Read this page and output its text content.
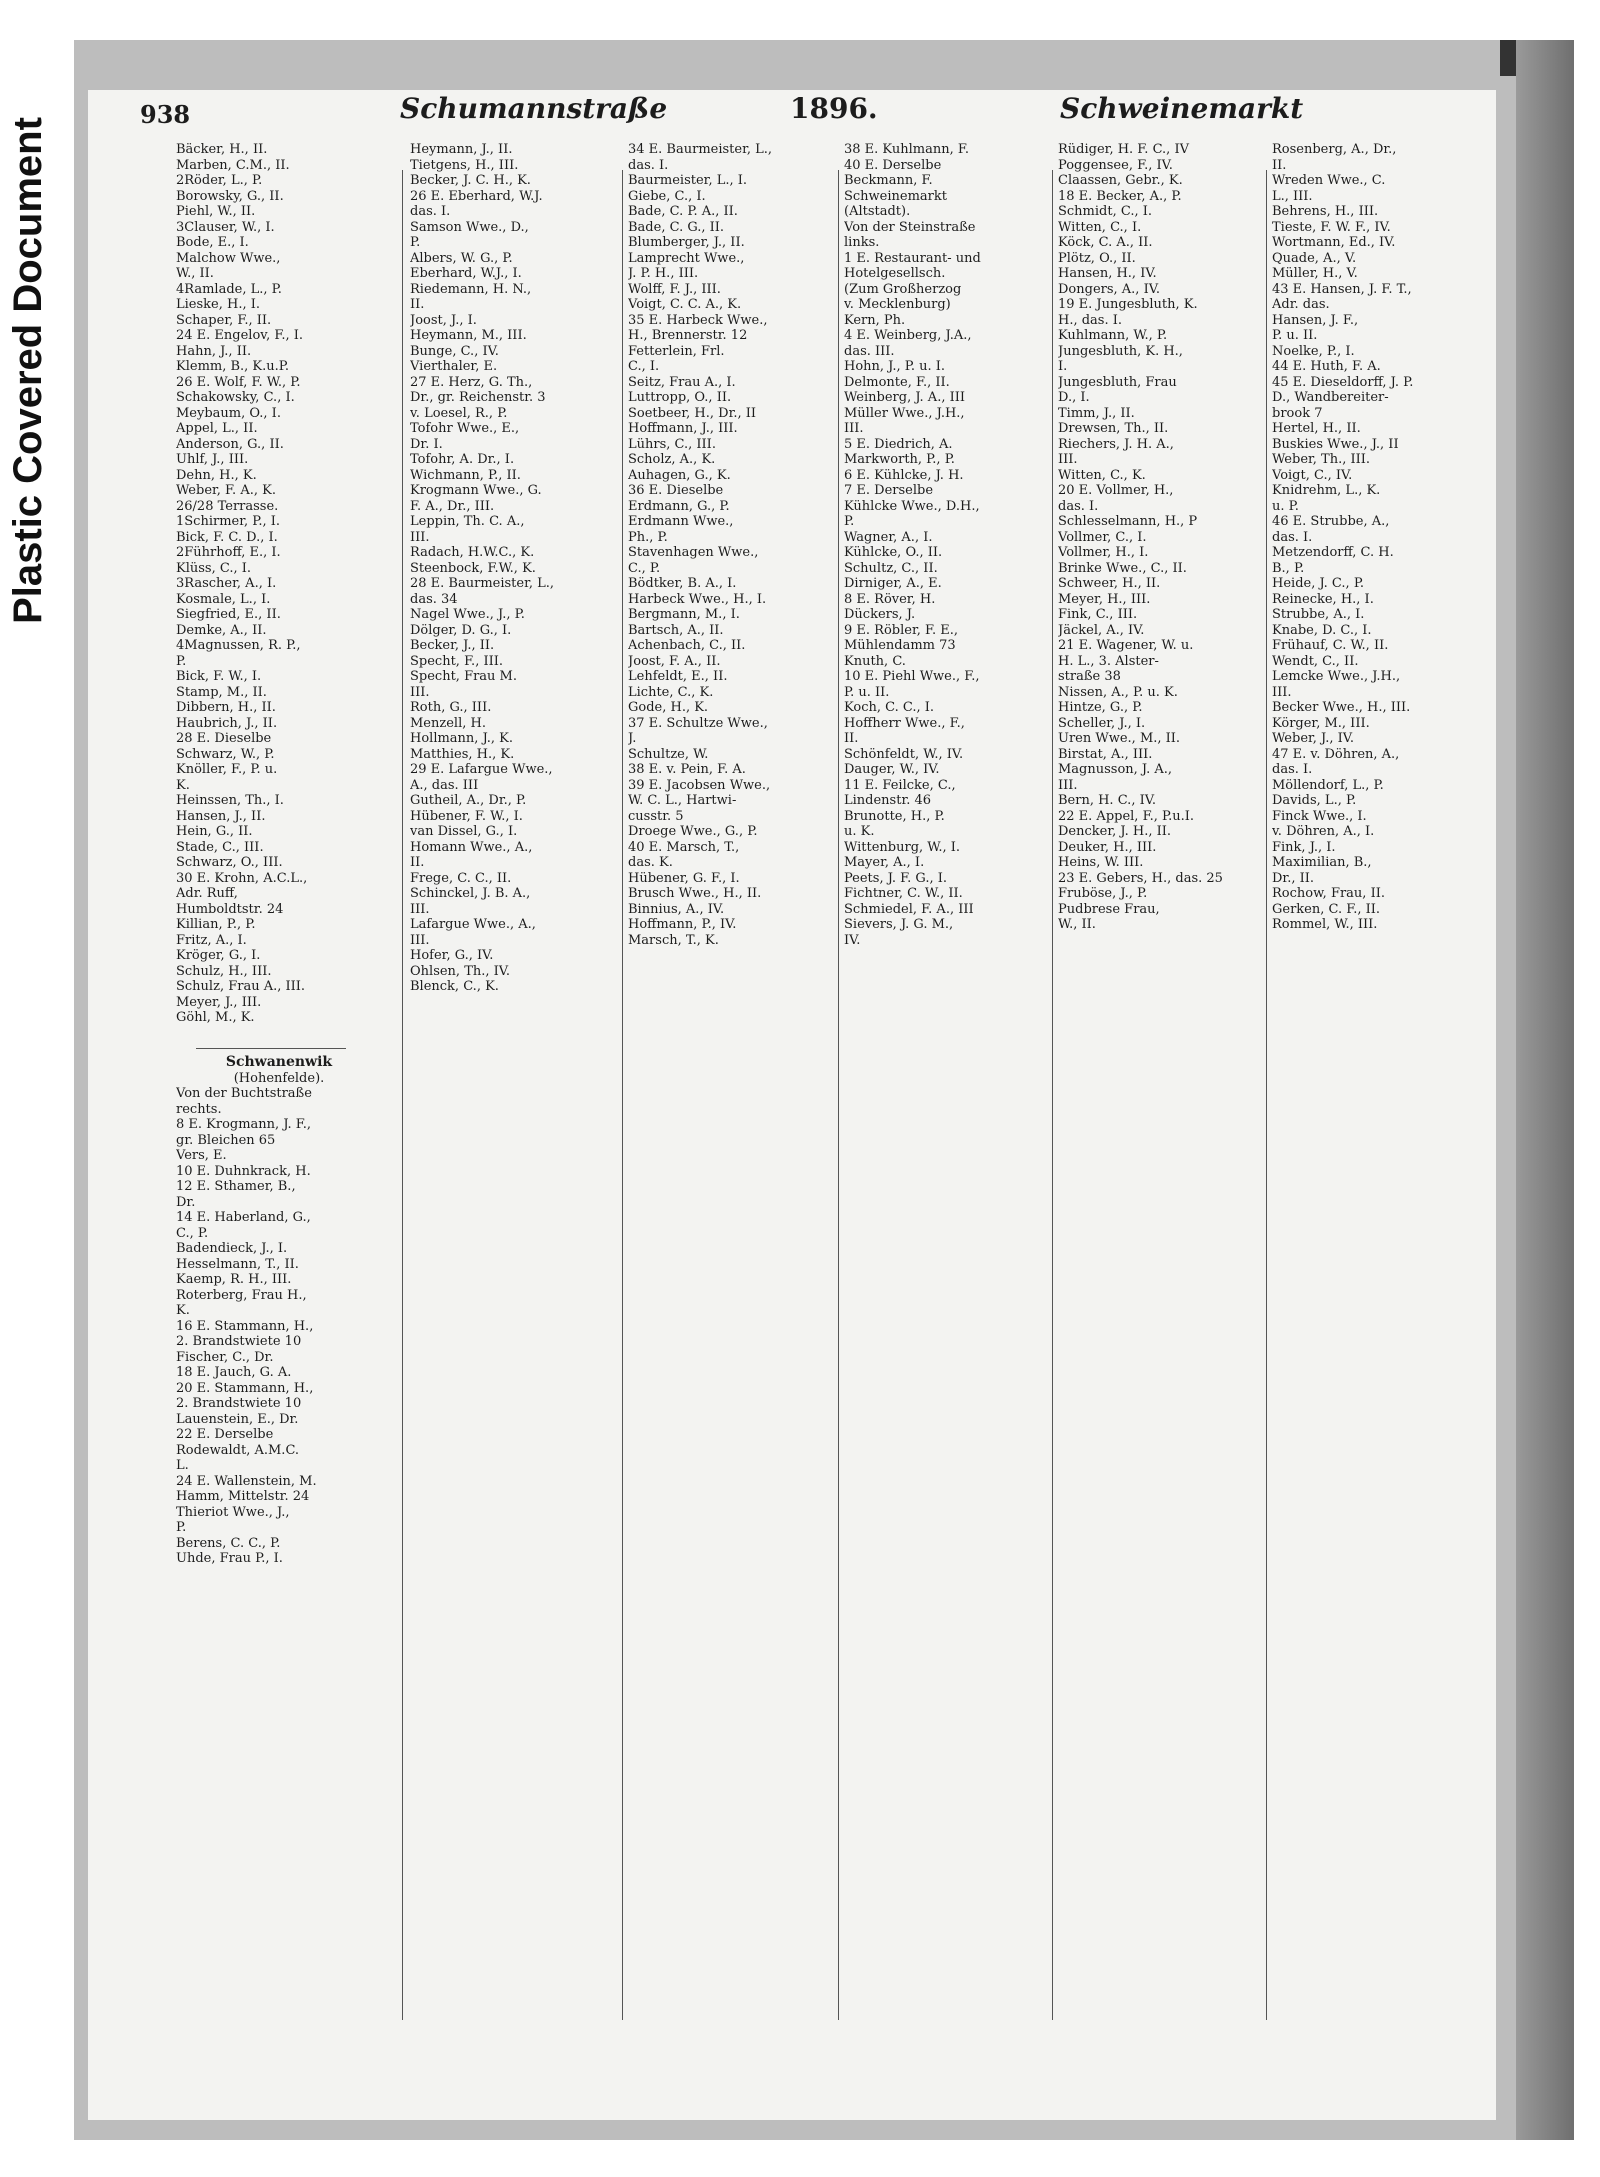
Plastic Covered Document
938	Schumannstraße	1896.	Schweinemarkt
Bäcker, H., II.
Marben, C.M., II.
2Röder, L., P.
Borowsky, G., II.
Piehl, W., II.
3Clauser, W., I.
Bode, E., I.
Malchow Wwe.,
W., II.
4Ramlade, L., P.
Lieske, H., I.
Schaper, F., II.
24 E. Engelov, F., I.
Hahn, J., II.
Klemm, B., K.u.P.
26 E. Wolf, F. W., P.
Schakowsky, C., I.
Meybaum, O., I.
Appel, L., II.
Anderson, G., II.
Uhlf, J., III.
Dehn, H., K.
Weber, F. A., K.
26/28 Terrasse.
1Schirmer, P., I.
Bick, F. C. D., I.
2Führhoff, E., I.
Klüss, C., I.
3Rascher, A., I.
Kosmale, L., I.
Siegfried, E., II.
Demke, A., II.
4Magnussen, R. P.,
P.
Bick, F. W., I.
Stamp, M., II.
Dibbern, H., II.
Haubrich, J., II.
28 E. Dieselbe
Schwarz, W., P.
Knöller, F., P. u.
K.
Heinssen, Th., I.
Hansen, J., II.
Hein, G., II.
Stade, C., III.
Schwarz, O., III.
30 E. Krohn, A.C.L.,
Adr. Ruff,
Humboldtstr. 24
Killian, P., P.
Fritz, A., I.
Kröger, G., I.
Schulz, H., III.
Schulz, Frau A., III.
Meyer, J., III.
Göhl, M., K.
Heymann, J., II.
Tietgens, H., III.
Becker, J. C. H., K.
26 E. Eberhard, W.J.
das. I.
Samson Wwe., D.,
P.
Albers, W. G., P.
Eberhard, W.J., I.
Riedemann, H. N.,
II.
Joost, J., I.
Heymann, M., III.
Bunge, C., IV.
Vierthaler, E.
27 E. Herz, G. Th.,
Dr., gr. Reichenstr. 3
v. Loesel, R., P.
Tofohr Wwe., E.,
Dr. I.
Tofohr, A. Dr., I.
Wichmann, P., II.
Krogmann Wwe., G.
F. A., Dr., III.
Leppin, Th. C. A.,
III.
Radach, H.W.C., K.
Steenbock, F.W., K.
28 E. Baurmeister, L.,
das. 34
Nagel Wwe., J., P.
Dölger, D. G., I.
Becker, J., II.
Specht, F., III.
Specht, Frau M.
III.
Roth, G., III.
Menzell, H.
Hollmann, J., K.
Matthies, H., K.
29 E. Lafargue Wwe.,
A., das. III
Gutheil, A., Dr., P.
Hübener, F. W., I.
van Dissel, G., I.
Homann Wwe., A.,
II.
Frege, C. C., II.
Schinckel, J. B. A.,
III.
Lafargue Wwe., A.,
III.
Hofer, G., IV.
Ohlsen, Th., IV.
Blenck, C., K.
34 E. Baurmeister, L.,
das. I.
Baurmeister, L., I.
Giebe, C., I.
Bade, C. P. A., II.
Bade, C. G., II.
Blumberger, J., II.
Lamprecht Wwe.,
J. P. H., III.
Wolff, F. J., III.
Voigt, C. C. A., K.
35 E. Harbeck Wwe.,
H., Brennerstr. 12
Fetterlein, Frl.
C., I.
Seitz, Frau A., I.
Luttropp, O., II.
Soetbeer, H., Dr., II
Hoffmann, J., III.
Lührs, C., III.
Scholz, A., K.
Auhagen, G., K.
36 E. Dieselbe
Erdmann, G., P.
Erdmann Wwe.,
Ph., P.
Stavenhagen Wwe.,
C., P.
Bödtker, B. A., I.
Harbeck Wwe., H., I.
Bergmann, M., I.
Bartsch, A., II.
Achenbach, C., II.
Joost, F. A., II.
Lehfeldt, E., II.
Lichte, C., K.
Gode, H., K.
37 E. Schultze Wwe.,
J.
Schultze, W.
38 E. v. Pein, F. A.
39 E. Jacobsen Wwe.,
W. C. L., Hartwi-
cusstr. 5
Droege Wwe., G., P.
40 E. Marsch, T.,
das. K.
Hübener, G. F., I.
Brusch Wwe., H., II.
Binnius, A., IV.
Hoffmann, P., IV.
Marsch, T., K.
38 E. Kuhlmann, F.
40 E. Derselbe
Beckmann, F.
Schweinemarkt
(Altstadt).
Von der Steinstraße
links.
1 E. Restaurant- und
Hotelgesellsch.
(Zum Großherzog
v. Mecklenburg)
Kern, Ph.
4 E. Weinberg, J.A.,
das. III.
Hohn, J., P. u. I.
Delmonte, F., II.
Weinberg, J. A., III
Müller Wwe., J.H.,
III.
5 E. Diedrich, A.
Markworth, P., P.
6 E. Kühlcke, J. H.
7 E. Derselbe
Kühlcke Wwe., D.H.,
P.
Wagner, A., I.
Kühlcke, O., II.
Schultz, C., II.
Dirniger, A., E.
8 E. Röver, H.
Dückers, J.
9 E. Röbler, F. E.,
Mühlendamm 73
Knuth, C.
10 E. Piehl Wwe., F.,
P. u. II.
Koch, C. C., I.
Hoffherr Wwe., F.,
II.
Schönfeldt, W., IV.
Dauger, W., IV.
11 E. Feilcke, C.,
Lindenstr. 46
Brunotte, H., P.
u. K.
Wittenburg, W., I.
Mayer, A., I.
Peets, J. F. G., I.
Fichtner, C. W., II.
Schmiedel, F. A., III
Sievers, J. G. M.,
IV.
Rüdiger, H. F. C., IV
Poggensee, F., IV.
Claassen, Gebr., K.
18 E. Becker, A., P.
Schmidt, C., I.
Witten, C., I.
Köck, C. A., II.
Plötz, O., II.
Hansen, H., IV.
Dongers, A., IV.
19 E. Jungesbluth, K.
H., das. I.
Kuhlmann, W., P.
Jungesbluth, K. H.,
I.
Jungesbluth, Frau
D., I.
Timm, J., II.
Drewsen, Th., II.
Riechers, J. H. A.,
III.
Witten, C., K.
20 E. Vollmer, H.,
das. I.
Schlesselmann, H., P
Vollmer, C., I.
Vollmer, H., I.
Brinke Wwe., C., II.
Schweer, H., II.
Meyer, H., III.
Fink, C., III.
Jäckel, A., IV.
21 E. Wagener, W. u.
H. L., 3. Alster-
straße 38
Nissen, A., P. u. K.
Hintze, G., P.
Scheller, J., I.
Uren Wwe., M., II.
Birstat, A., III.
Magnusson, J. A.,
III.
Bern, H. C., IV.
22 E. Appel, F., P.u.I.
Dencker, J. H., II.
Deuker, H., III.
Heins, W. III.
23 E. Gebers, H., das. 25
Fruböse, J., P.
Pudbrese Frau,
W., II.
Rosenberg, A., Dr.,
II.
Wreden Wwe., C.
L., III.
Behrens, H., III.
Tieste, F. W. F., IV.
Wortmann, Ed., IV.
Quade, A., V.
Müller, H., V.
43 E. Hansen, J. F. T.,
Adr. das.
Hansen, J. F.,
P. u. II.
Noelke, P., I.
44 E. Huth, F. A.
45 E. Dieseldorff, J. P.
D., Wandbereiter-
brook 7
Hertel, H., II.
Buskies Wwe., J., II
Weber, Th., III.
Voigt, C., IV.
Knidrehm, L., K.
u. P.
46 E. Strubbe, A.,
das. I.
Metzendorff, C. H.
B., P.
Heide, J. C., P.
Reinecke, H., I.
Strubbe, A., I.
Knabe, D. C., I.
Frühauf, C. W., II.
Wendt, C., II.
Lemcke Wwe., J.H.,
III.
Becker Wwe., H., III.
Körger, M., III.
Weber, J., IV.
47 E. v. Döhren, A.,
das. I.
Möllendorf, L., P.
Davids, L., P.
Finck Wwe., I.
v. Döhren, A., I.
Fink, J., I.
Maximilian, B.,
Dr., II.
Rochow, Frau, II.
Gerken, C. F., II.
Rommel, W., III.
Schwanenwik
(Hohenfelde).
Von der Buchtstraße
rechts.
8 E. Krogmann, J. F.,
gr. Bleichen 65
Vers, E.
10 E. Duhnkrack, H.
12 E. Sthamer, B.,
Dr.
14 E. Haberland, G.,
C., P.
Badendieck, J., I.
Hesselmann, T., II.
Kaemp, R. H., III.
Roterberg, Frau H.,
K.
16 E. Stammann, H.,
2. Brandstwiete 10
Fischer, C., Dr.
18 E. Jauch, G. A.
20 E. Stammann, H.,
2. Brandstwiete 10
Lauenstein, E., Dr.
22 E. Derselbe
Rodewaldt, A.M.C.
L.
24 E. Wallenstein, M.
Hamm, Mittelstr. 24
Thieriot Wwe., J.,
P.
Berens, C. C., P.
Uhde, Frau P., I.
